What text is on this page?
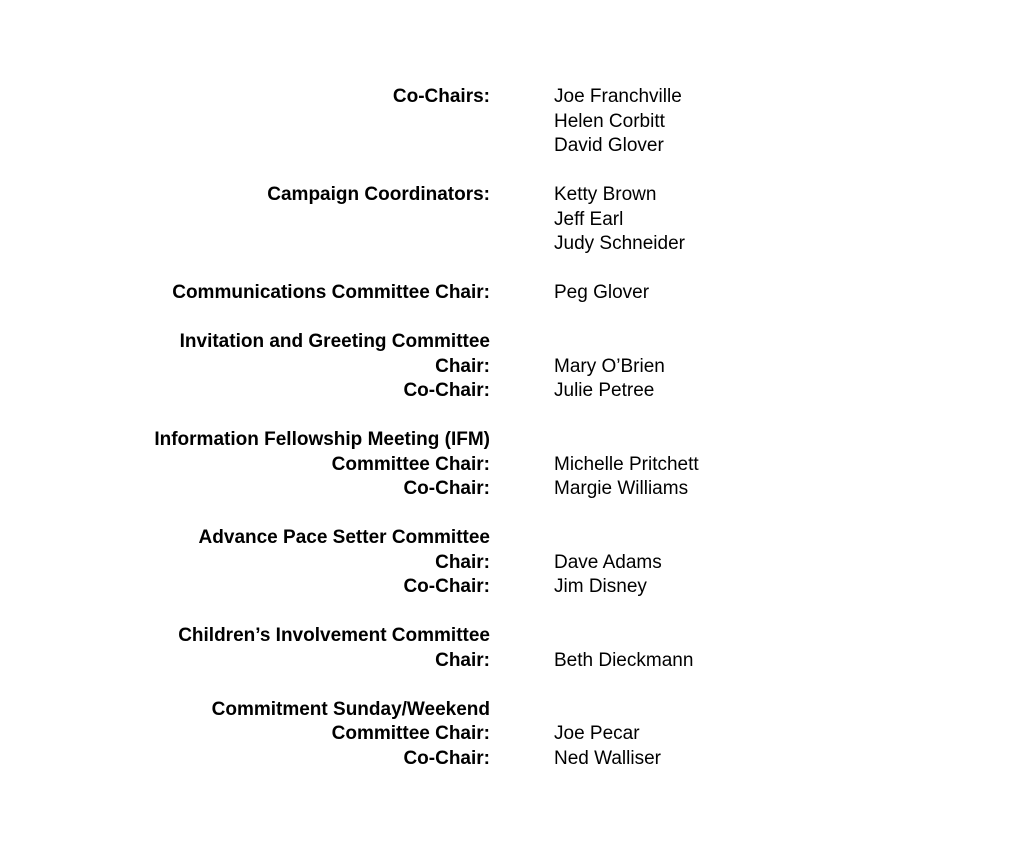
Co-Chairs:	Joe Franchville
Helen Corbitt
David Glover
Campaign Coordinators:	Ketty Brown
Jeff Earl
Judy Schneider
Communications Committee Chair:	Peg Glover
Invitation and Greeting Committee
Chair:	Mary O’Brien
Co-Chair:	Julie Petree
Information Fellowship Meeting (IFM)
Committee Chair:	Michelle Pritchett
Co-Chair:	Margie Williams
Advance Pace Setter Committee
Chair:	Dave Adams
Co-Chair:	Jim Disney
Children’s Involvement Committee
Chair:	Beth Dieckmann
Commitment Sunday/Weekend
Committee Chair:	Joe Pecar
Co-Chair:	Ned Walliser
